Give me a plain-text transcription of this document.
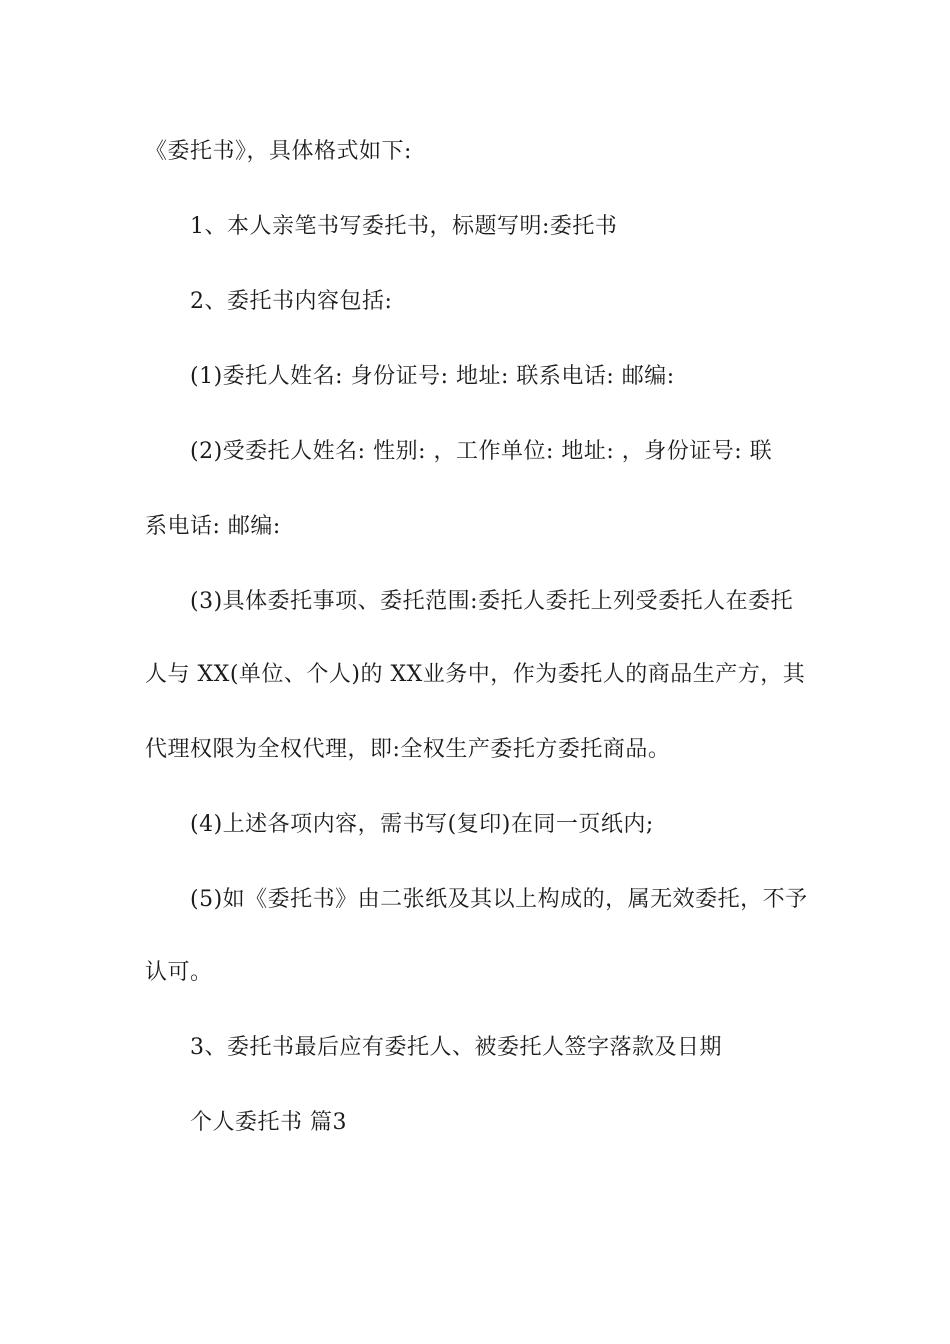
《委托书》，具体格式如下:
1、本人亲笔书写委托书，标题写明:委托书
2、委托书内容包括:
(1)委托人姓名: 身份证号: 地址: 联系电话: 邮编:
(2)受委托人姓名: 性别: ，工作单位: 地址: ，身份证号: 联
系电话: 邮编:
(3)具体委托事项、委托范围:委托人委托上列受委托人在委托
人与 XX(单位、个人)的 XX业务中，作为委托人的商品生产方，其
代理权限为全权代理，即:全权生产委托方委托商品。
(4)上述各项内容，需书写(复印)在同一页纸内;
(5)如《委托书》由二张纸及其以上构成的，属无效委托，不予
认可。
3、委托书最后应有委托人、被委托人签字落款及日期
个人委托书 篇3
